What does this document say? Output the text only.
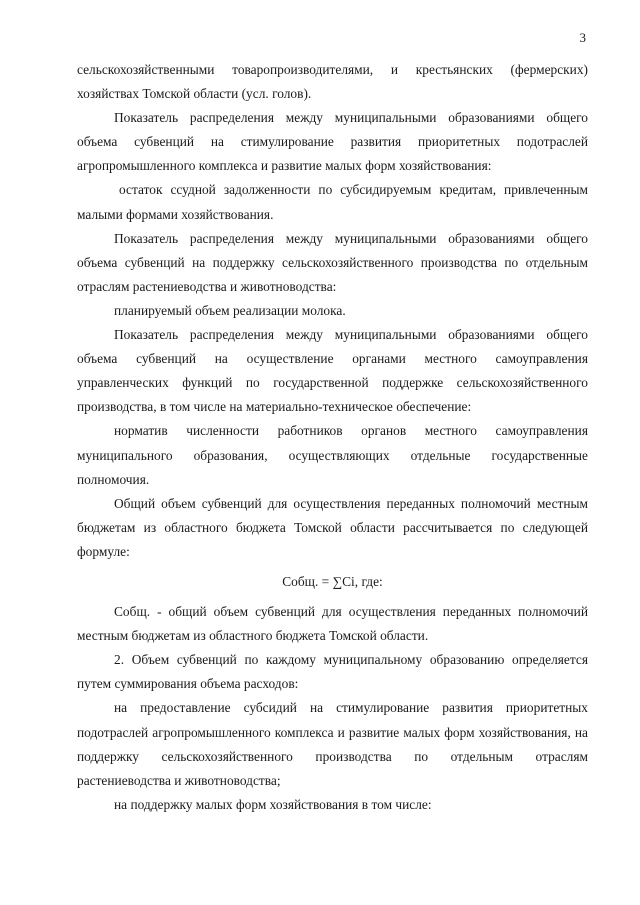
3

сельскохозяйственными товаропроизводителями, и крестьянских (фермерских) хозяйствах Томской области (усл. голов).

Показатель распределения между муниципальными образованиями общего объема субвенций на стимулирование развития приоритетных подотраслей агропромышленного комплекса и развитие малых форм хозяйствования:

остаток ссудной задолженности по субсидируемым кредитам, привлеченным малыми формами хозяйствования.

Показатель распределения между муниципальными образованиями общего объема субвенций на поддержку сельскохозяйственного производства по отдельным отраслям растениеводства и животноводства:

планируемый объем реализации молока.

Показатель распределения между муниципальными образованиями общего объема субвенций на осуществление органами местного самоуправления управленческих функций по государственной поддержке сельскохозяйственного производства, в том числе на материально-техническое обеспечение:

норматив численности работников органов местного самоуправления муниципального образования, осуществляющих отдельные государственные полномочия.

Общий объем субвенций для осуществления переданных полномочий местным бюджетам из областного бюджета Томской области рассчитывается по следующей формуле:

Собщ. = ∑Ci, где:

Собщ. - общий объем субвенций для осуществления переданных полномочий местным бюджетам из областного бюджета Томской области.

2. Объем субвенций по каждому муниципальному образованию определяется путем суммирования объема расходов:

на предоставление субсидий на стимулирование развития приоритетных подотраслей агропромышленного комплекса и развитие малых форм хозяйствования, на поддержку сельскохозяйственного производства по отдельным отраслям растениеводства и животноводства;

на поддержку малых форм хозяйствования в том числе:
